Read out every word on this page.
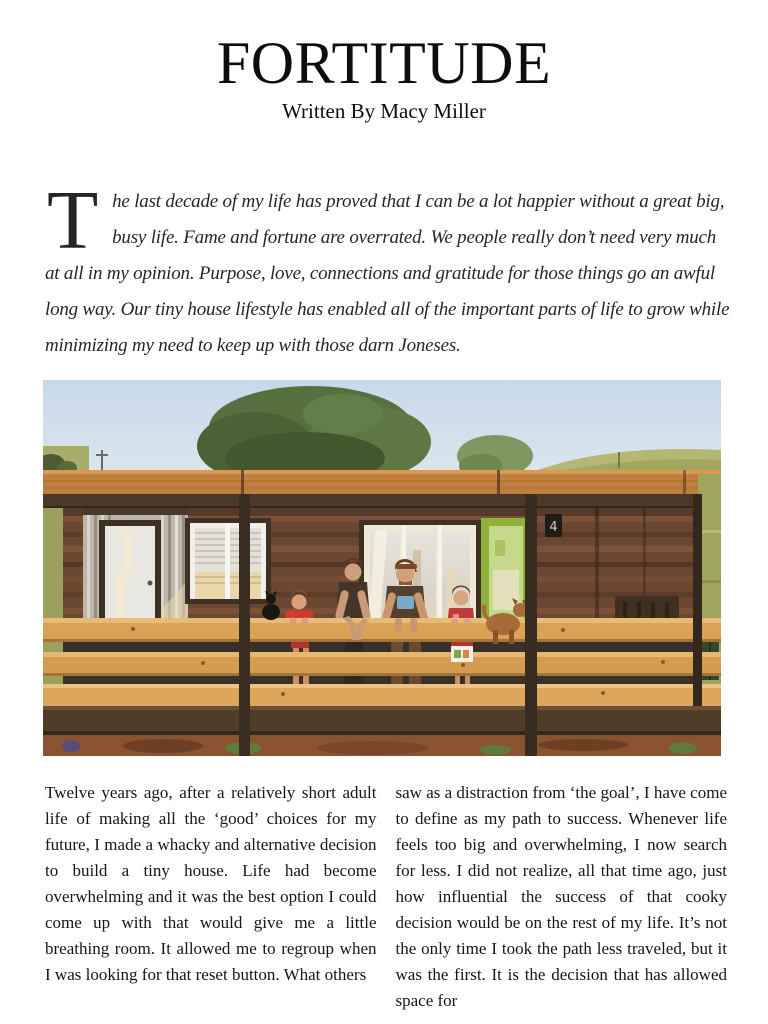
FORTITUDE
Written By Macy Miller
The last decade of my life has proved that I can be a lot happier without a great big, busy life. Fame and fortune are overrated. We people really don’t need very much at all in my opinion. Purpose, love, connections and gratitude for those things go an awful long way. Our tiny house lifestyle has enabled all of the important parts of life to grow while minimizing my need to keep up with those darn Joneses.
4
Twelve years ago, after a relatively short adult life of making all the ‘good’ choices for my future, I made a whacky and alternative decision to build a tiny house. Life had become overwhelming and it was the best option I could come up with that would give me a little breathing room. It allowed me to regroup when I was looking for that reset button. What others
saw as a distraction from ‘the goal’, I have come to define as my path to success. Whenever life feels too big and overwhelming, I now search for less. I did not realize, all that time ago, just how influential the success of that cooky decision would be on the rest of my life. It’s not the only time I took the path less traveled, but it was the first. It is the decision that has allowed space for
